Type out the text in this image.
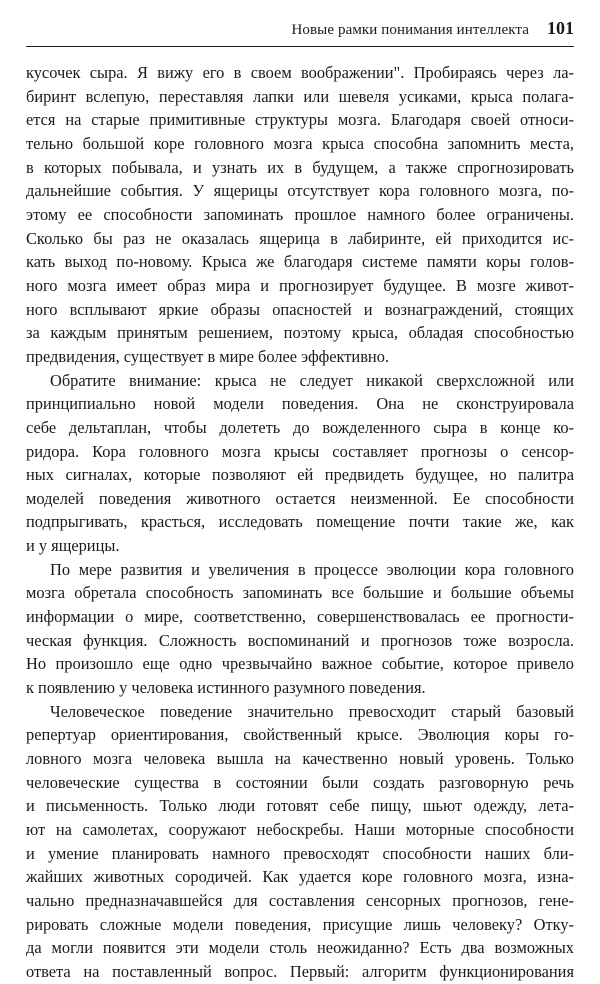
Новые рамки понимания интеллекта 101

кусочек сыра. Я вижу его в своем воображении". Пробираясь через ла-

биринт вслепую, переставляя лапки или шевеля усиками, крыса полага-

ется на старые примитивные структуры мозга. Благодаря своей относи-

тельно большой коре головного мозга крыса способна запомнить места,

в которых побывала, и узнать их в будущем, а также спрогнозировать

дальнейшие события. У ящерицы отсутствует кора головного мозга, по-

этому ее способности запоминать прошлое намного более ограничены.

Сколько бы раз не оказалась ящерица в лабиринте, ей приходится ис-

кать выход по-новому. Крыса же благодаря системе памяти коры голов-

ного мозга имеет образ мира и прогнозирует будущее. В мозге живот-

ного всплывают яркие образы опасностей и вознаграждений, стоящих

за каждым принятым решением, поэтому крыса, обладая способностью

предвидения, существует в мире более эффективно.

Обратите внимание: крыса не следует никакой сверхсложной или

принципиально новой модели поведения. Она не сконструировала

себе дельтаплан, чтобы долететь до вожделенного сыра в конце ко-

ридора. Кора головного мозга крысы составляет прогнозы о сенсор-

ных сигналах, которые позволяют ей предвидеть будущее, но палитра

моделей поведения животного остается неизменной. Ее способности

подпрыгивать, красться, исследовать помещение почти такие же, как

и у ящерицы.

По мере развития и увеличения в процессе эволюции кора головного

мозга обретала способность запоминать все большие и большие объемы

информации о мире, соответственно, совершенствовалась ее прогности-

ческая функция. Сложность воспоминаний и прогнозов тоже возросла.

Но произошло еще одно чрезвычайно важное событие, которое привело

к появлению у человека истинного разумного поведения.

Человеческое поведение значительно превосходит старый базовый

репертуар ориентирования, свойственный крысе. Эволюция коры го-

ловного мозга человека вышла на качественно новый уровень. Только

человеческие существа в состоянии были создать разговорную речь

и письменность. Только люди готовят себе пищу, шьют одежду, лета-

ют на самолетах, сооружают небоскребы. Наши моторные способности

и умение планировать намного превосходят способности наших бли-

жайших животных сородичей. Как удается коре головного мозга, изна-

чально предназначавшейся для составления сенсорных прогнозов, гене-

рировать сложные модели поведения, присущие лишь человеку? Отку-

да могли появится эти модели столь неожиданно? Есть два возможных

ответа на поставленный вопрос. Первый: алгоритм функционирования
